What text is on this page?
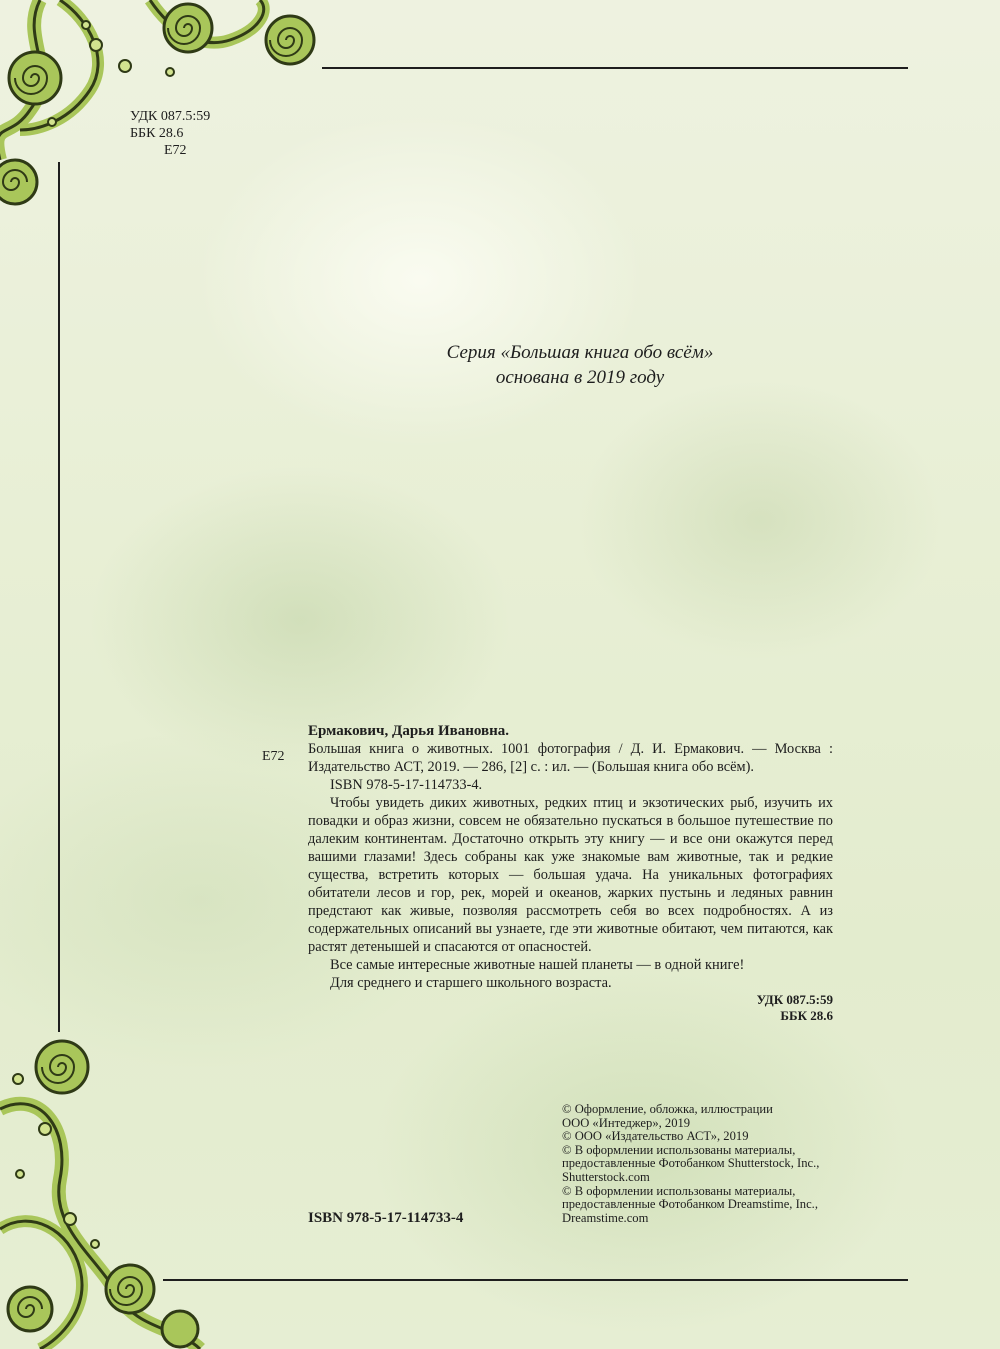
УДК 087.5:59
ББК 28.6
Е72
Серия «Большая книга обо всём»
основана в 2019 году
Е72

Ермакович, Дарья Ивановна.

Большая книга о животных. 1001 фотография / Д. И. Ермакович. — Москва : Издательство АСТ, 2019. — 286, [2] с. : ил. — (Большая книга обо всём).

ISBN 978-5-17-114733-4.

Чтобы увидеть диких животных, редких птиц и экзотических рыб, изучить их повадки и образ жизни, совсем не обязательно пускаться в большое путешествие по далеким континентам. Достаточно открыть эту книгу — и все они окажутся перед вашими глазами! Здесь собраны как уже знакомые вам животные, так и редкие существа, встретить которых — большая удача. На уникальных фотографиях обитатели лесов и гор, рек, морей и океанов, жарких пустынь и ледяных равнин предстают как живые, позволяя рассмотреть себя во всех подробностях. А из содержательных описаний вы узнаете, где эти животные обитают, чем питаются, как растят детенышей и спасаются от опасностей.

Все самые интересные животные нашей планеты — в одной книге!

Для среднего и старшего школьного возраста.

УДК 087.5:59

ББК 28.6

© Оформление, обложка, иллюстрации
ООО «Интеджер», 2019
© ООО «Издательство АСТ», 2019
© В оформлении использованы материалы,
предоставленные Фотобанком Shutterstock, Inc.,
Shutterstock.com
© В оформлении использованы материалы,
предоставленные Фотобанком Dreamstime, Inc.,
Dreamstime.com
ISBN 978-5-17-114733-4
